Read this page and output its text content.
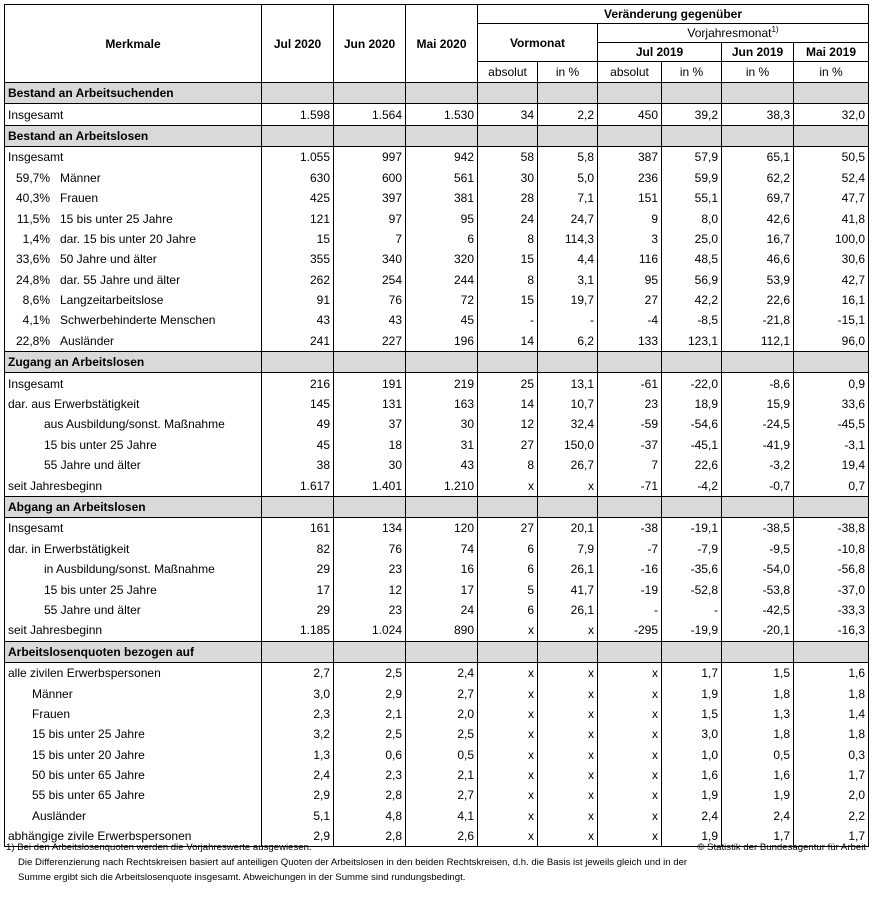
Merkmale	Jul 2020	Jun 2020	Mai 2020	Veränderung gegenüber					
				Vormonat		Vorjahresmonat$^{1)}$
						Jul 2019		Jun 2019	Mai 2019
				absolut	in %	absolut	in %	in %	in %
Bestand an Arbeitsuchenden									
Insgesamt	1.598	1.564	1.530	34	2,2	450	39,2	38,3	32,0
Bestand an Arbeitslosen									
Insgesamt	1.055	997	942	58	5,8	387	57,9	65,1	50,5
59,7% Männer	630	600	561	30	5,0	236	59,9	62,2	52,4
40,3% Frauen	425	397	381	28	7,1	151	55,1	69,7	47,7
11,5% 15 bis unter 25 Jahre	121	97	95	24	24,7	9	8,0	42,6	41,8
1,4% dar. 15 bis unter 20 Jahre	15	7	6	8	114,3	3	25,0	16,7	100,0
33,6% 50 Jahre und älter	355	340	320	15	4,4	116	48,5	46,6	30,6
24,8% dar. 55 Jahre und älter	262	254	244	8	3,1	95	56,9	53,9	42,7
8,6% Langzeitarbeitslose	91	76	72	15	19,7	27	42,2	22,6	16,1
4,1% Schwerbehinderte Menschen	43	43	45	-	-	-4	-8,5	-21,8	-15,1
22,8% Ausländer	241	227	196	14	6,2	133	123,1	112,1	96,0
Zugang an Arbeitslosen									
Insgesamt	216	191	219	25	13,1	-61	-22,0	-8,6	0,9
dar. aus Erwerbstätigkeit	145	131	163	14	10,7	23	18,9	15,9	33,6
aus Ausbildung/sonst. Maßnahme	49	37	30	12	32,4	-59	-54,6	-24,5	-45,5
15 bis unter 25 Jahre	45	18	31	27	150,0	-37	-45,1	-41,9	-3,1
55 Jahre und älter	38	30	43	8	26,7	7	22,6	-3,2	19,4
seit Jahresbeginn	1.617	1.401	1.210	x	x	-71	-4,2	-0,7	0,7
Abgang an Arbeitslosen									
Insgesamt	161	134	120	27	20,1	-38	-19,1	-38,5	-38,8
dar. in Erwerbstätigkeit	82	76	74	6	7,9	-7	-7,9	-9,5	-10,8
in Ausbildung/sonst. Maßnahme	29	23	16	6	26,1	-16	-35,6	-54,0	-56,8
15 bis unter 25 Jahre	17	12	17	5	41,7	-19	-52,8	-53,8	-37,0
55 Jahre und älter	29	23	24	6	26,1	-	-	-42,5	-33,3
seit Jahresbeginn	1.185	1.024	890	x	x	-295	-19,9	-20,1	-16,3
Arbeitslosenquoten bezogen auf									
alle zivilen Erwerbspersonen	2,7	2,5	2,4	x	x	x	1,7	1,5	1,6
Männer	3,0	2,9	2,7	x	x	x	1,9	1,8	1,8
Frauen	2,3	2,1	2,0	x	x	x	1,5	1,3	1,4
15 bis unter 25 Jahre	3,2	2,5	2,5	x	x	x	3,0	1,8	1,8
15 bis unter 20 Jahre	1,3	0,6	0,5	x	x	x	1,0	0,5	0,3
50 bis unter 65 Jahre	2,4	2,3	2,1	x	x	x	1,6	1,6	1,7
55 bis unter 65 Jahre	2,9	2,8	2,7	x	x	x	1,9	1,9	2,0
Ausländer	5,1	4,8	4,1	x	x	x	2,4	2,4	2,2
abhängige zivile Erwerbspersonen	2,9	2,8	2,6	x	x	x	1,9	1,7	1,7
1) Bei den Arbeitslosenquoten werden die Vorjahreswerte ausgewiesen.	© Statistik der Bundesagentur für Arbeit
Die Differenzierung nach Rechtskreisen basiert auf anteiligen Quoten der Arbeitslosen in den beiden Rechtskreisen, d.h. die Basis ist jeweils gleich und in der
Summe ergibt sich die Arbeitslosenquote insgesamt. Abweichungen in der Summe sind rundungsbedingt.
